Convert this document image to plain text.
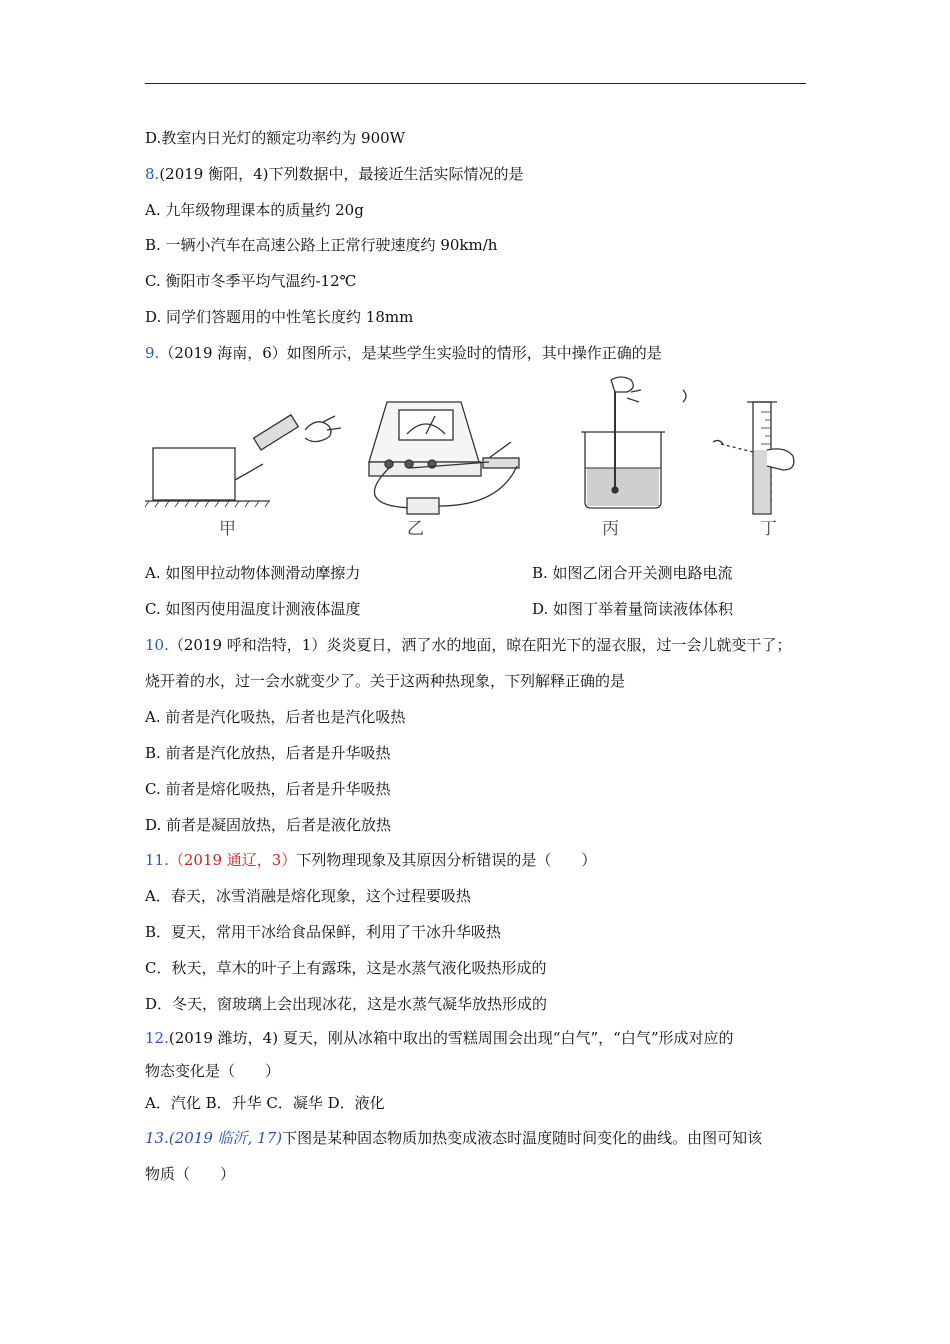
D.教室内日光灯的额定功率约为 900W
8.(2019 衡阳，4)下列数据中，最接近生活实际情况的是
A. 九年级物理课本的质量约 20g
B. 一辆小汽车在高速公路上正常行驶速度约 90km/h
C. 衡阳市冬季平均气温约-12℃
D. 同学们答题用的中性笔长度约 18mm
9.（2019 海南，6）如图所示，是某些学生实验时的情形，其中操作正确的是
甲	乙	丙	丁
A. 如图甲拉动物体测滑动摩擦力	B. 如图乙闭合开关测电路电流
C. 如图丙使用温度计测液体温度	D. 如图丁举着量筒读液体体积
10.（2019 呼和浩特，1）炎炎夏日，洒了水的地面，晾在阳光下的湿衣服，过一会儿就变干了；
烧开着的水，过一会水就变少了。关于这两种热现象，下列解释正确的是
A. 前者是汽化吸热，后者也是汽化吸热
B. 前者是汽化放热，后者是升华吸热
C. 前者是熔化吸热，后者是升华吸热
D. 前者是凝固放热，后者是液化放热
11.（2019 通辽，3）下列物理现象及其原因分析错误的是（　　）
A．春天，冰雪消融是熔化现象，这个过程要吸热
B．夏天，常用干冰给食品保鲜，利用了干冰升华吸热
C．秋天，草木的叶子上有露珠，这是水蒸气液化吸热形成的
D．冬天，窗玻璃上会出现冰花，这是水蒸气凝华放热形成的
12.(2019 潍坊，4) 夏天，刚从冰箱中取出的雪糕周围会出现“白气”，“白气”形成对应的
物态变化是（　　）
A．汽化 B．升华 C．凝华 D．液化
13.(2019 临沂, 17)下图是某种固态物质加热变成液态时温度随时间变化的曲线。由图可知该
物质（　　）
